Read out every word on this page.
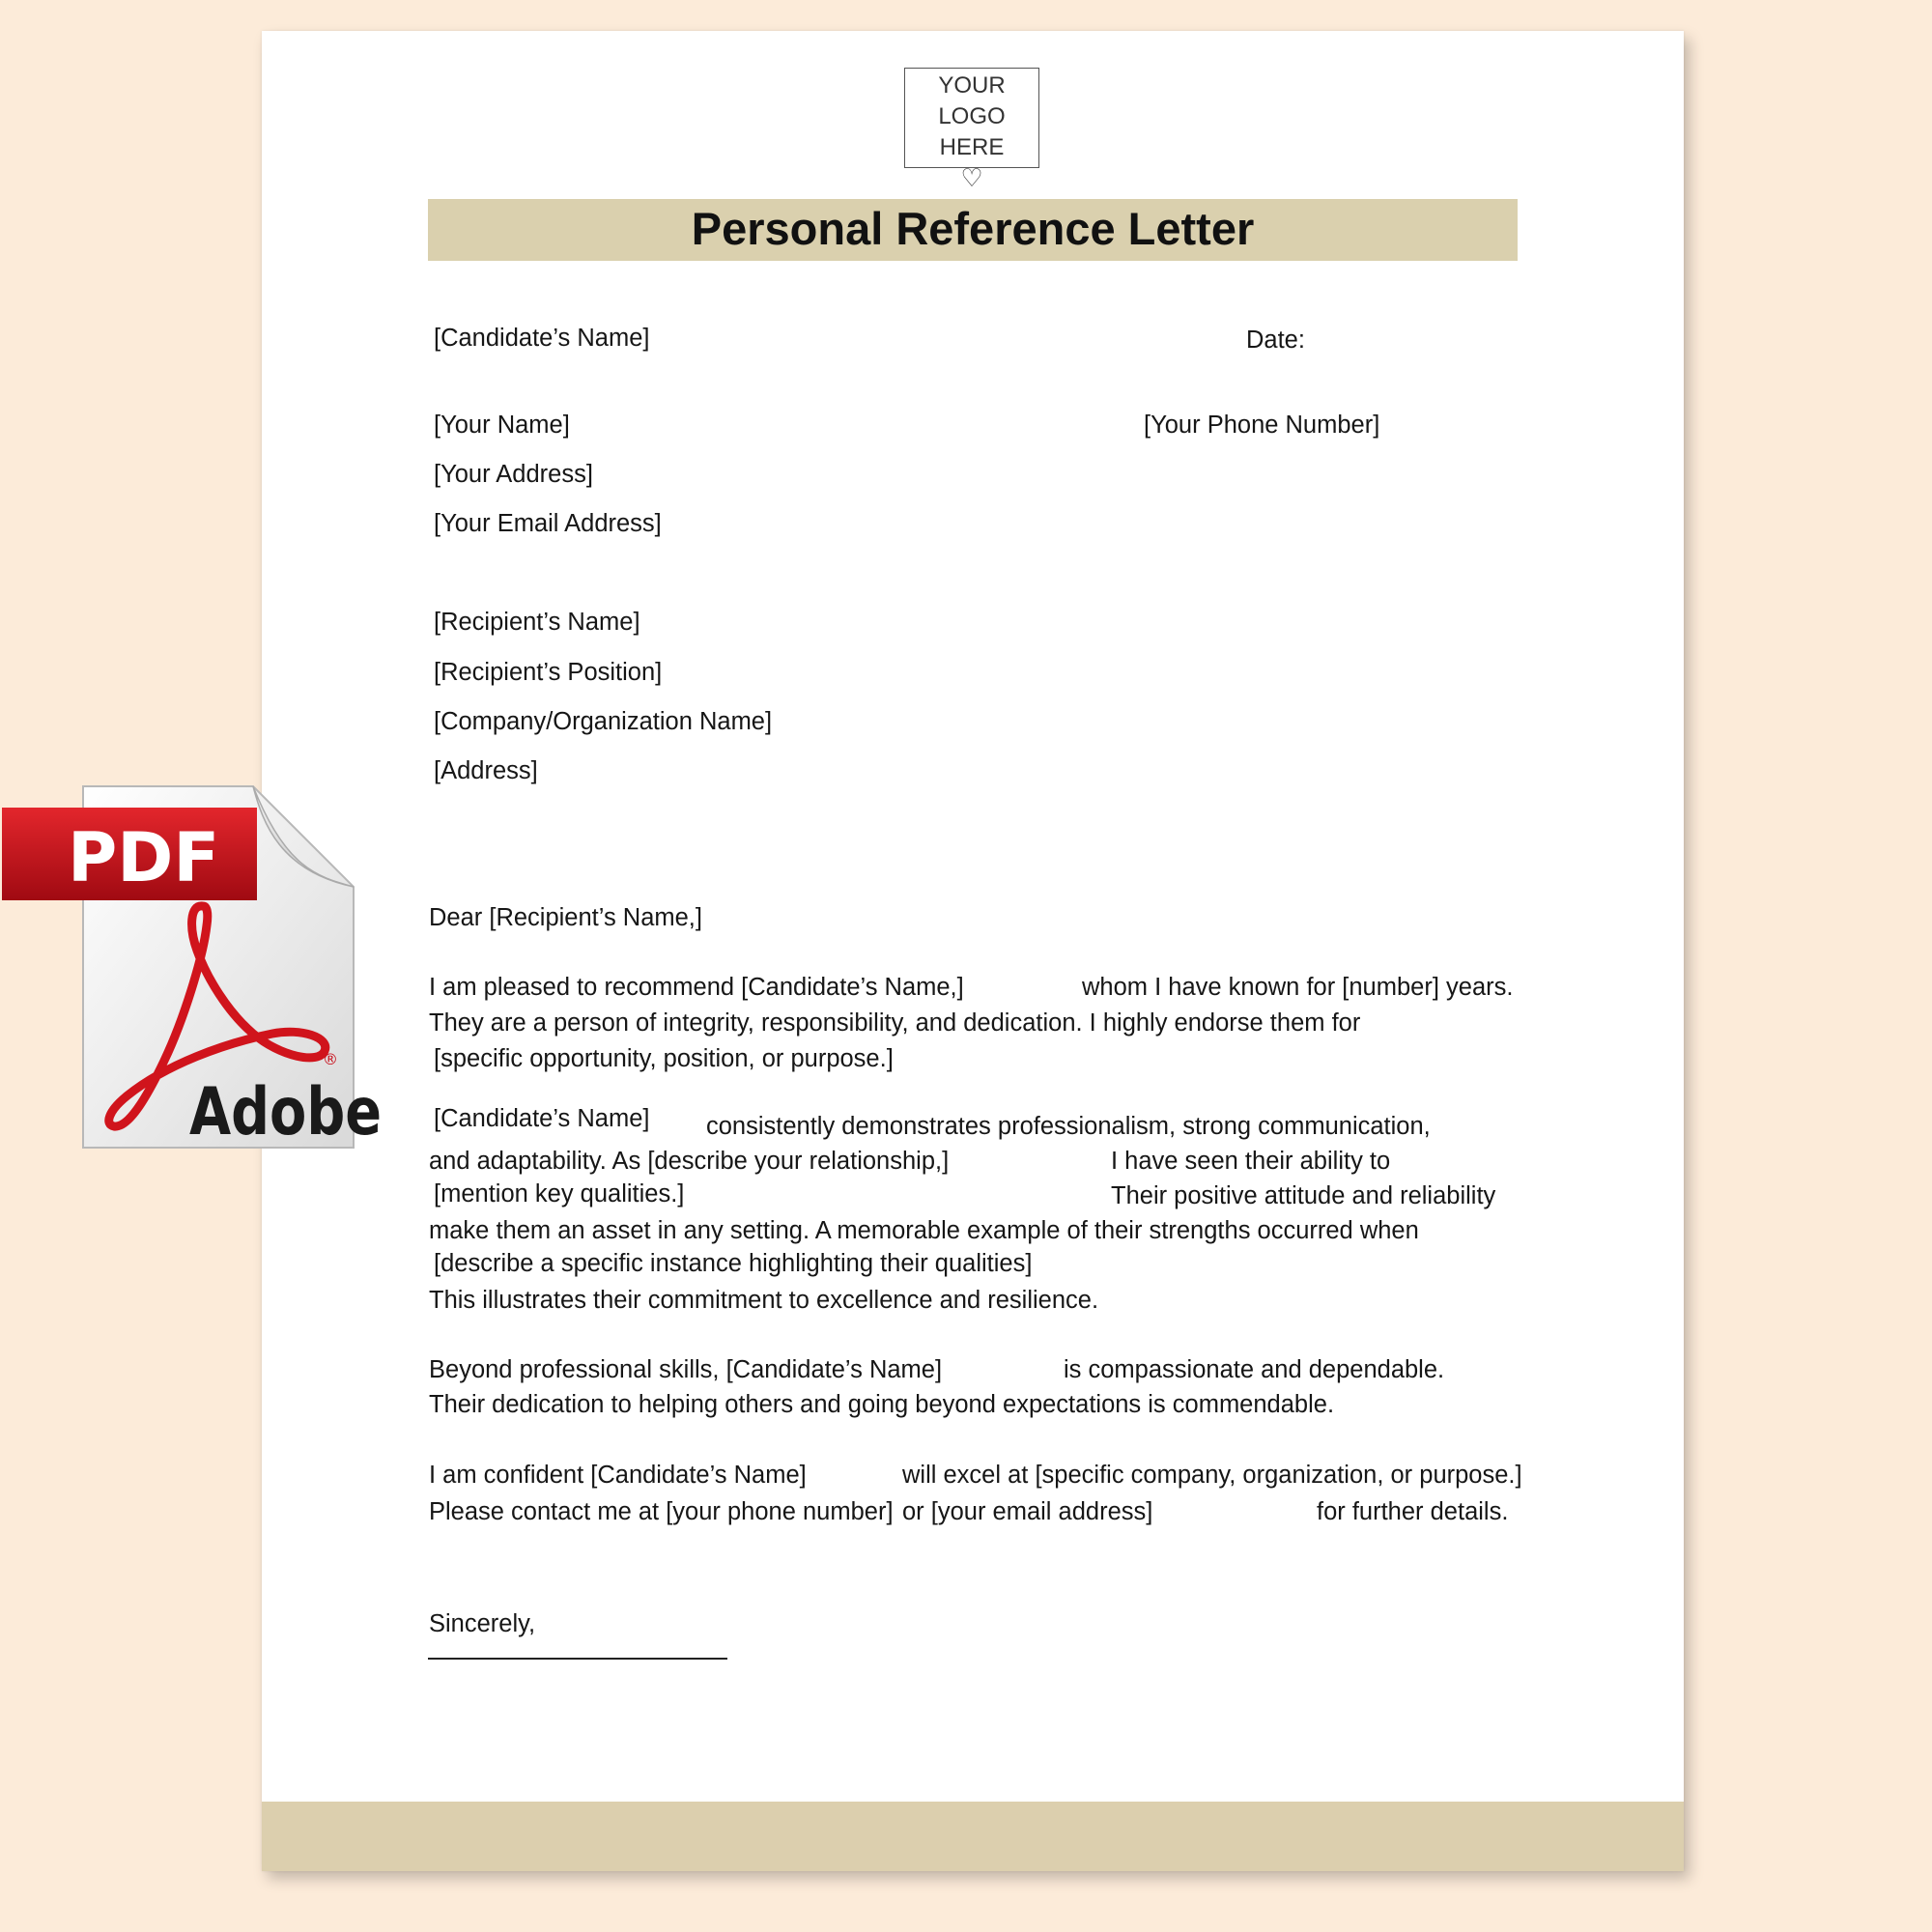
YOUR LOGO
HERE
♡
Personal Reference Letter
[Candidate’s Name]	Date:
[Your Name]	[Your Phone Number]
[Your Address]
[Your Email Address]
[Recipient’s Name]
[Recipient’s Position]
[Company/Organization Name]
[Address]
Dear [Recipient’s Name,]
I am pleased to recommend [Candidate’s Name,]	whom I have known for [number] years.
They are a person of integrity, responsibility, and dedication. I highly endorse them for
[specific opportunity, position, or purpose.]
[Candidate’s Name] consistently demonstrates professionalism, strong communication,
and adaptability. As [describe your relationship,]	I have seen their ability to
[mention key qualities.]	Their positive attitude and reliability
make them an asset in any setting. A memorable example of their strengths occurred when
[describe a specific instance highlighting their qualities]
This illustrates their commitment to excellence and resilience.
Beyond professional skills, [Candidate’s Name]	is compassionate and dependable.
Their dedication to helping others and going beyond expectations is commendable.
I am confident [Candidate’s Name]	will excel at [specific company, organization, or purpose.]
Please contact me at [your phone number] or [your email address]	for further details.
Sincerely,
PDF
Adobe
®
